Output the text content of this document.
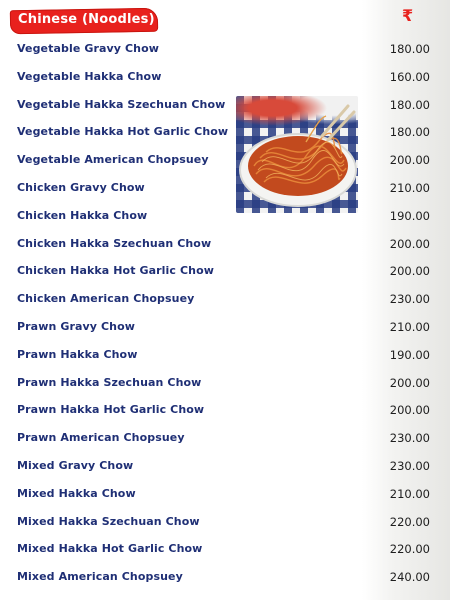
Chinese (Noodles)	₹
Vegetable Gravy Chow	180.00
Vegetable Hakka Chow	160.00
Vegetable Hakka Szechuan Chow	180.00
Vegetable Hakka Hot Garlic Chow	180.00
Vegetable American Chopsuey	200.00
Chicken Gravy Chow	210.00
Chicken Hakka Chow	190.00
Chicken Hakka Szechuan Chow	200.00
Chicken Hakka Hot Garlic Chow	200.00
Chicken American Chopsuey	230.00
Prawn Gravy Chow	210.00
Prawn Hakka Chow	190.00
Prawn Hakka Szechuan Chow	200.00
Prawn Hakka Hot Garlic Chow	200.00
Prawn American Chopsuey	230.00
Mixed Gravy Chow	230.00
Mixed Hakka Chow	210.00
Mixed Hakka Szechuan Chow	220.00
Mixed Hakka Hot Garlic Chow	220.00
Mixed American Chopsuey	240.00
